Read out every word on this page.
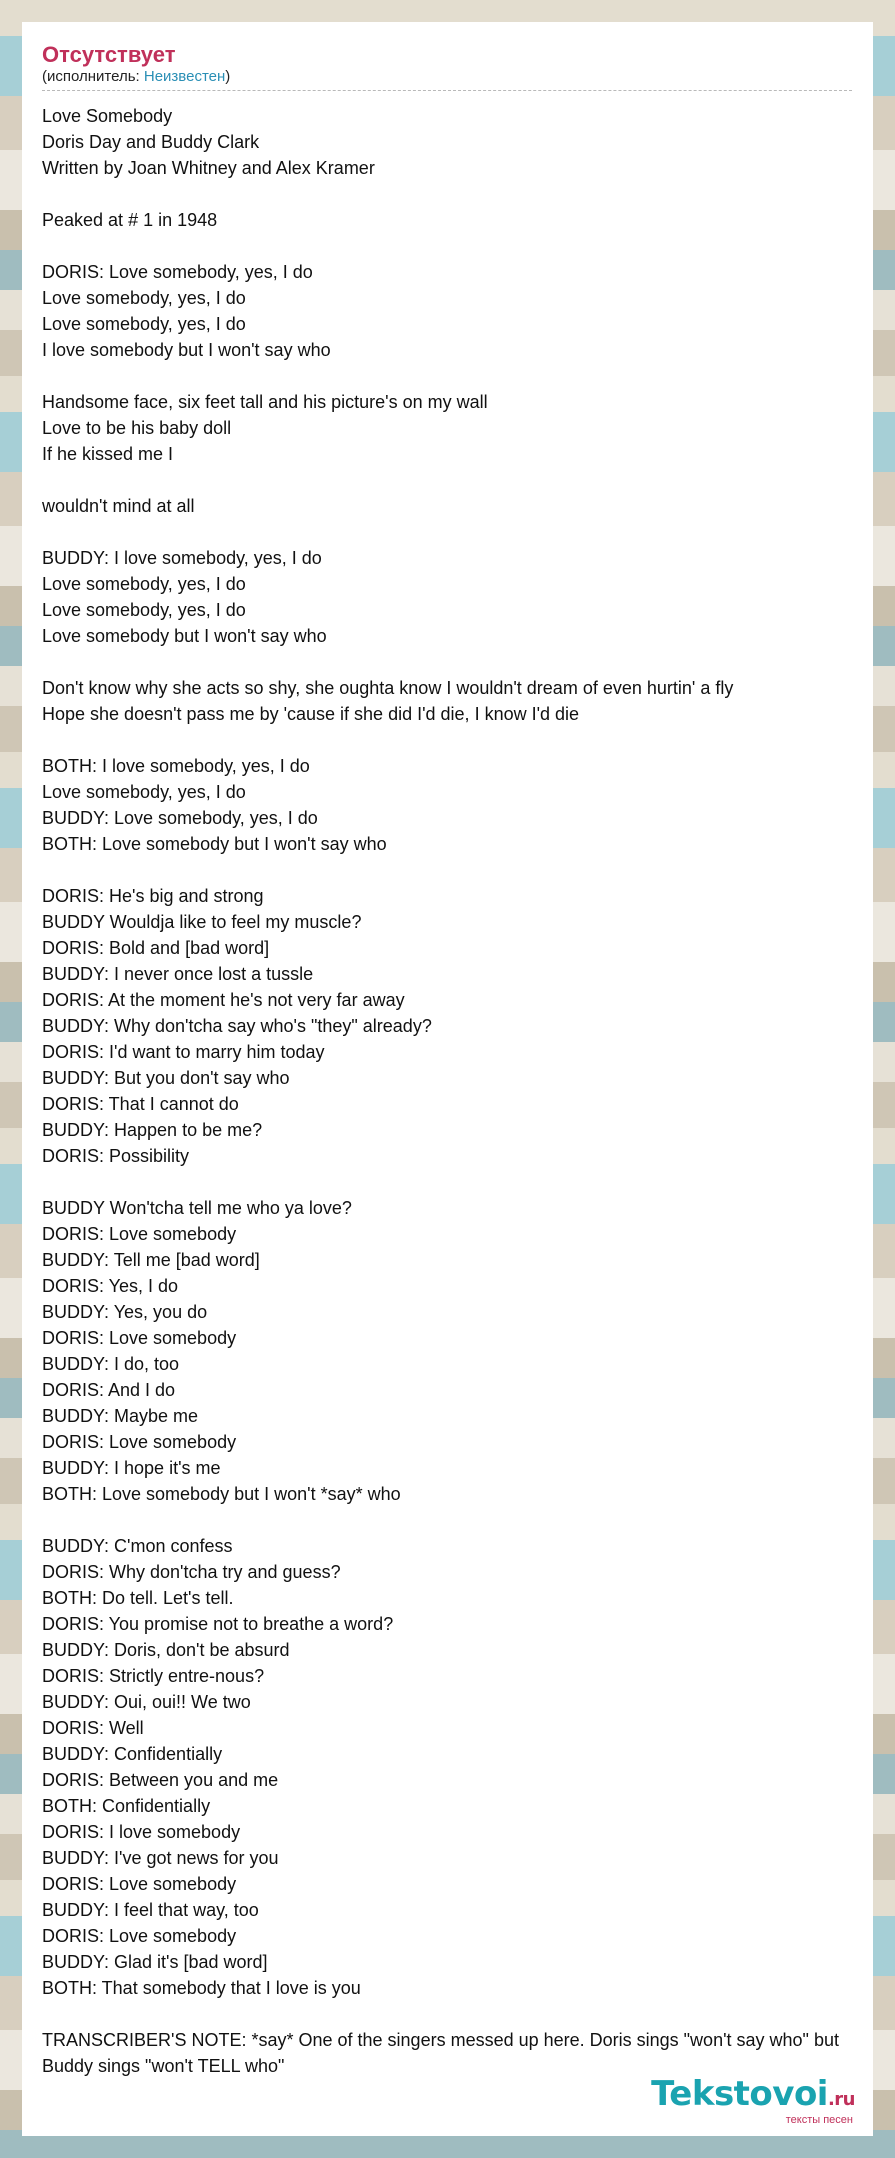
Отсутствует
(исполнитель: Неизвестен)
Love Somebody
Doris Day and Buddy Clark
Written by Joan Whitney and Alex Kramer

Peaked at # 1 in 1948

DORIS: Love somebody, yes, I do
Love somebody, yes, I do
Love somebody, yes, I do
I love somebody but I won't say who

Handsome face, six feet tall and his picture's on my wall
Love to be his baby doll
If he kissed me I

wouldn't mind at all

BUDDY: I love somebody, yes, I do
Love somebody, yes, I do
Love somebody, yes, I do
Love somebody but I won't say who

Don't know why she acts so shy, she oughta know I wouldn't dream of even hurtin' a fly
Hope she doesn't pass me by 'cause if she did I'd die, I know I'd die

BOTH: I love somebody, yes, I do
Love somebody, yes, I do
BUDDY: Love somebody, yes, I do
BOTH: Love somebody but I won't say who

DORIS: He's big and strong
BUDDY Wouldja like to feel my muscle?
DORIS: Bold and [bad word]
BUDDY: I never once lost a tussle
DORIS: At the moment he's not very far away
BUDDY: Why don'tcha say who's "they" already?
DORIS: I'd want to marry him today
BUDDY: But you don't say who
DORIS: That I cannot do
BUDDY: Happen to be me?
DORIS: Possibility

BUDDY Won'tcha tell me who ya love?
DORIS: Love somebody
BUDDY: Tell me [bad word]
DORIS: Yes, I do
BUDDY: Yes, you do
DORIS: Love somebody
BUDDY: I do, too
DORIS: And I do
BUDDY: Maybe me
DORIS: Love somebody
BUDDY: I hope it's me
BOTH: Love somebody but I won't *say* who

BUDDY: C'mon confess
DORIS: Why don'tcha try and guess?
BOTH: Do tell. Let's tell.
DORIS: You promise not to breathe a word?
BUDDY: Doris, don't be absurd
DORIS: Strictly entre-nous?
BUDDY: Oui, oui!! We two
DORIS: Well
BUDDY: Confidentially
DORIS: Between you and me
BOTH: Confidentially
DORIS: I love somebody
BUDDY: I've got news for you
DORIS: Love somebody
BUDDY: I feel that way, too
DORIS: Love somebody
BUDDY: Glad it's [bad word]
BOTH: That somebody that I love is you

TRANSCRIBER'S NOTE: *say* One of the singers messed up here. Doris sings "won't say who" but Buddy sings "won't TELL who"
Tekstovoi.ru
тексты песен
